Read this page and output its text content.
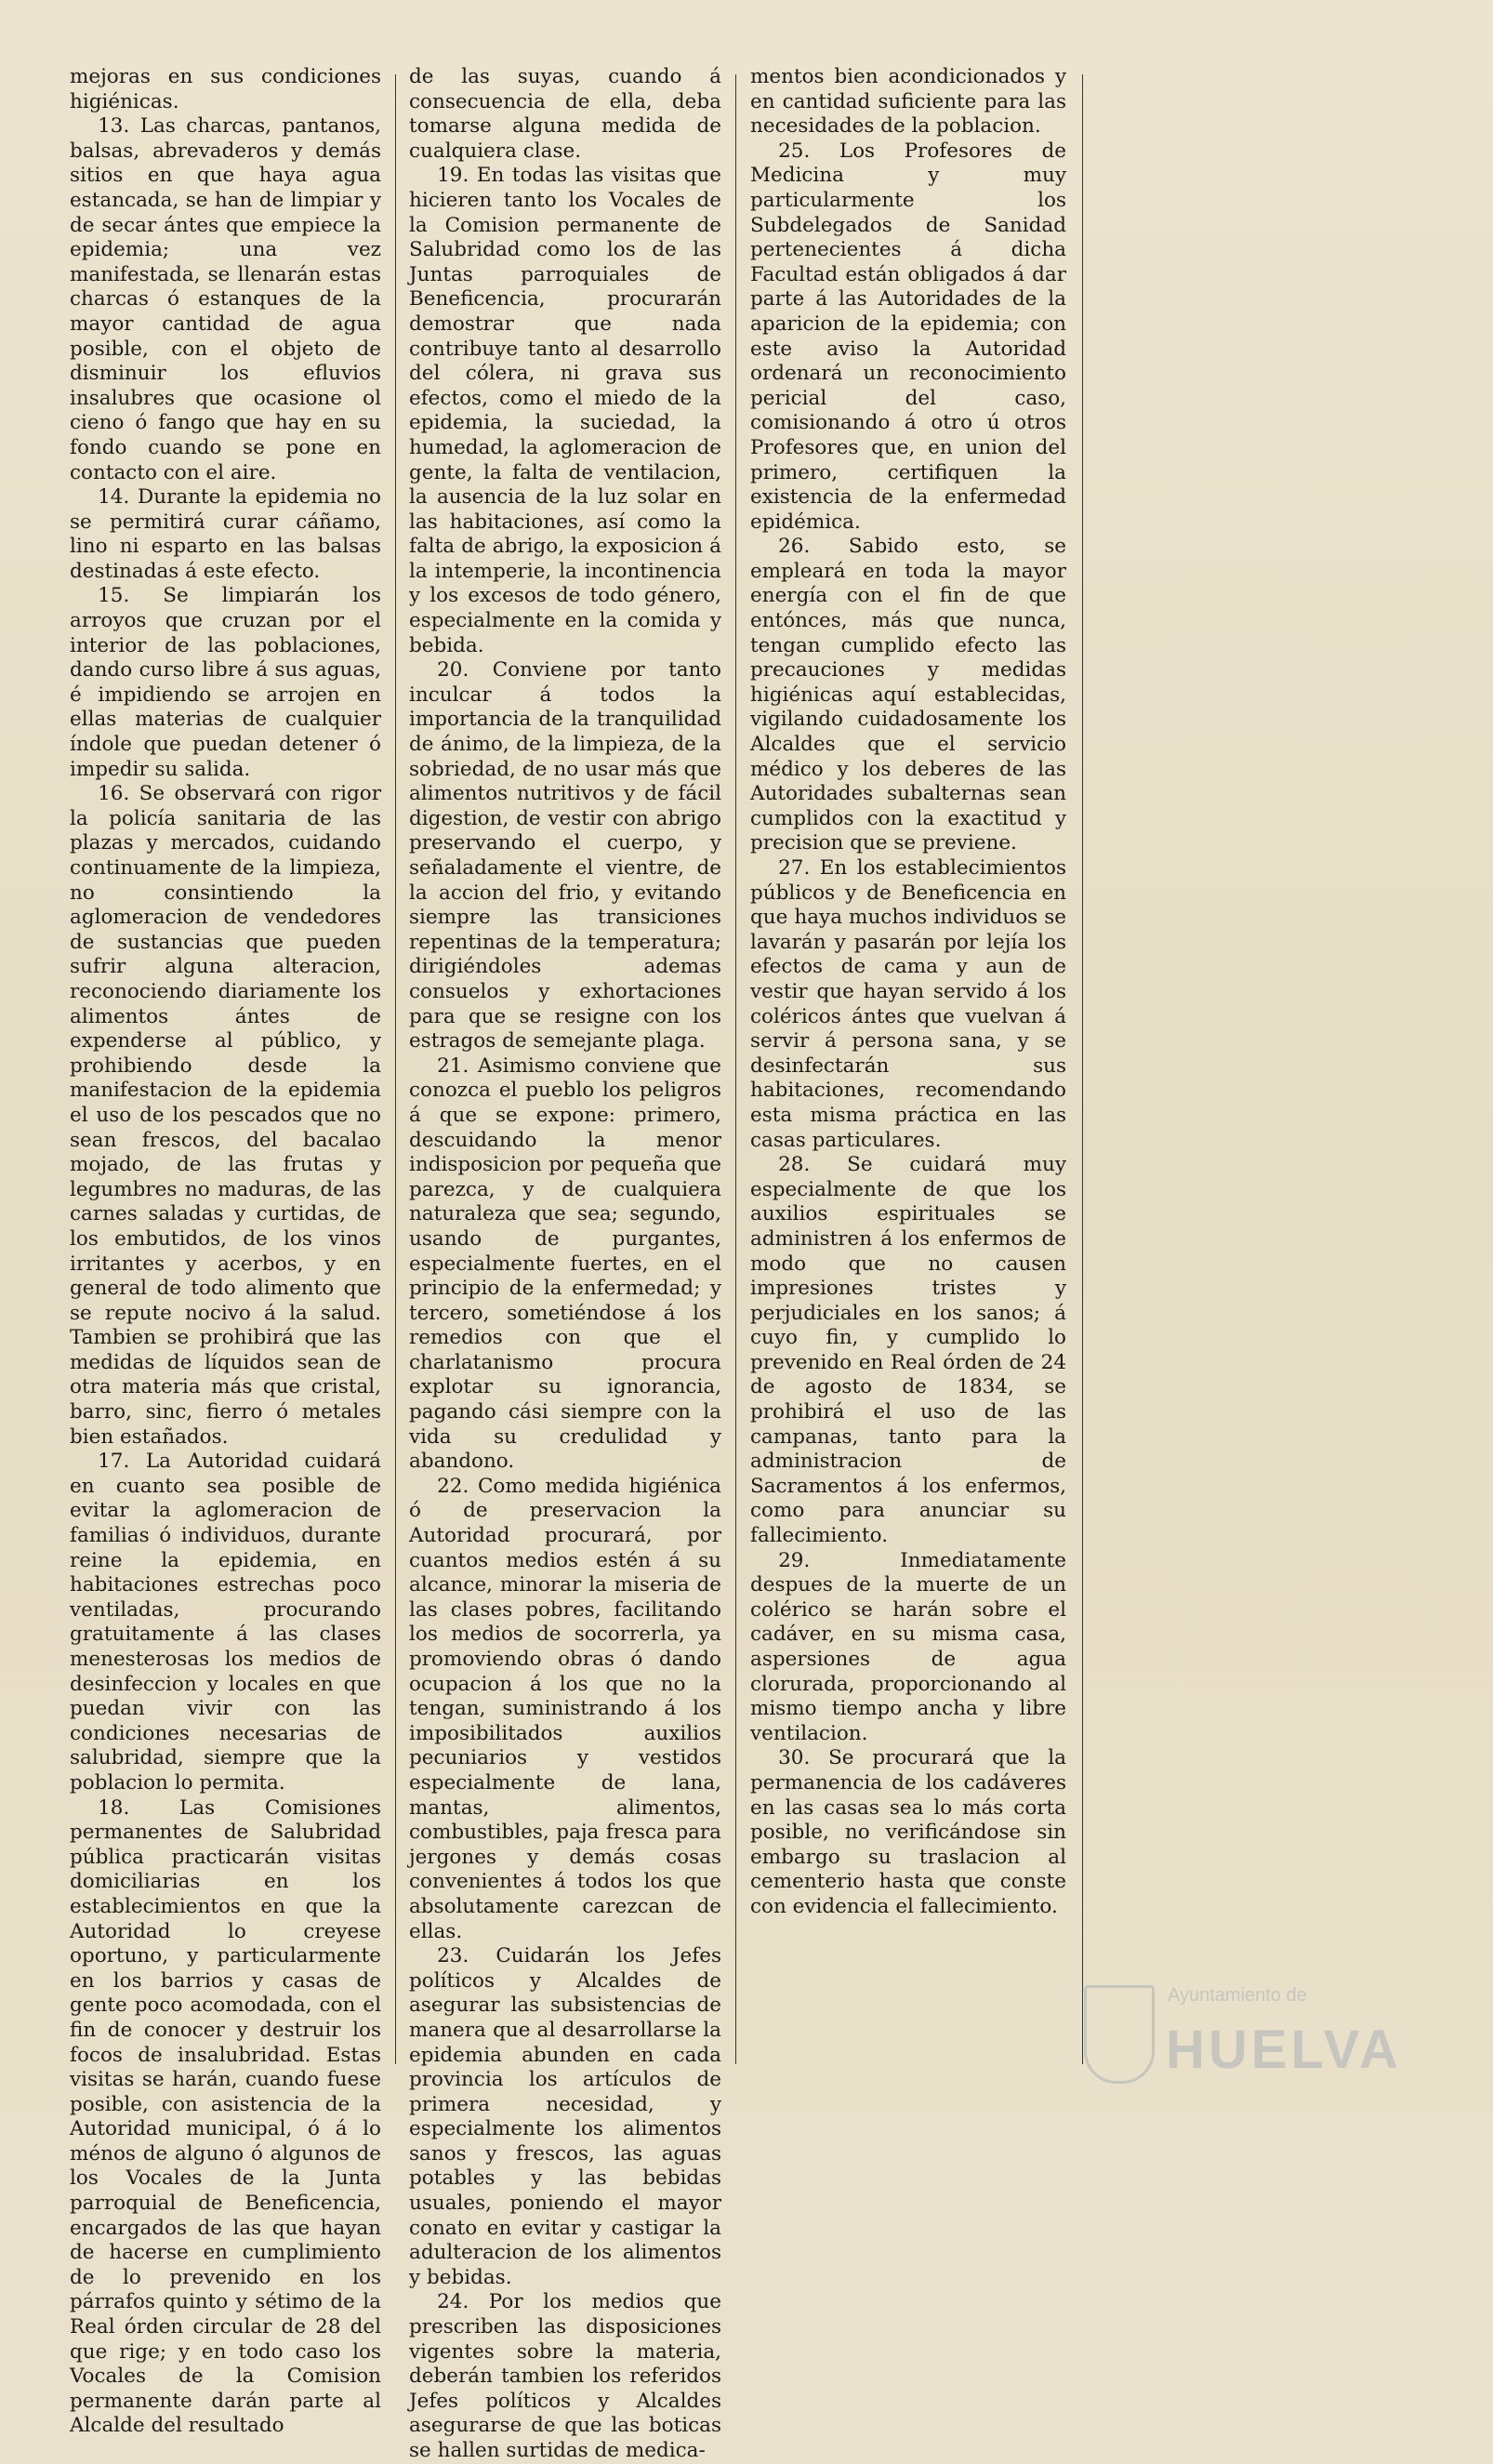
mejoras en sus condiciones higiénicas.

13. Las charcas, pantanos, balsas, abrevaderos y demás sitios en que haya agua estancada, se han de limpiar y de secar ántes que empiece la epidemia; una vez manifestada, se llenarán estas charcas ó estanques de la mayor cantidad de agua posible, con el objeto de disminuir los efluvios insalubres que ocasione ol cieno ó fango que hay en su fondo cuando se pone en contacto con el aire.

14. Durante la epidemia no se permitirá curar cáñamo, lino ni esparto en las balsas destinadas á este efecto.

15. Se limpiarán los arroyos que cruzan por el interior de las poblaciones, dando curso libre á sus aguas, é impidiendo se arrojen en ellas materias de cualquier índole que puedan detener ó impedir su salida.

16. Se observará con rigor la policía sanitaria de las plazas y mercados, cuidando continuamente de la limpieza, no consintiendo la aglomeracion de vendedores de sustancias que pueden sufrir alguna alteracion, reconociendo diariamente los alimentos ántes de expenderse al público, y prohibiendo desde la manifestacion de la epidemia el uso de los pescados que no sean frescos, del bacalao mojado, de las frutas y legumbres no maduras, de las carnes saladas y curtidas, de los embutidos, de los vinos irritantes y acerbos, y en general de todo alimento que se repute nocivo á la salud. Tambien se prohibirá que las medidas de líquidos sean de otra materia más que cristal, barro, sinc, fierro ó metales bien estañados.

17. La Autoridad cuidará en cuanto sea posible de evitar la aglomeracion de familias ó individuos, durante reine la epidemia, en habitaciones estrechas poco ventiladas, procurando gratuitamente á las clases menesterosas los medios de desinfeccion y locales en que puedan vivir con las condiciones necesarias de salubridad, siempre que la poblacion lo permita.

18. Las Comisiones permanentes de Salubridad pública practicarán visitas domiciliarias en los establecimientos en que la Autoridad lo creyese oportuno, y particularmente en los barrios y casas de gente poco acomodada, con el fin de conocer y destruir los focos de insalubridad. Estas visitas se harán, cuando fuese posible, con asistencia de la Autoridad municipal, ó á lo ménos de alguno ó algunos de los Vocales de la Junta parroquial de Beneficencia, encargados de las que hayan de hacerse en cumplimiento de lo prevenido en los párrafos quinto y sétimo de la Real órden circular de 28 del que rige; y en todo caso los Vocales de la Comision permanente darán parte al Alcalde del resultado

de las suyas, cuando á consecuencia de ella, deba tomarse alguna medida de cualquiera clase.

19. En todas las visitas que hicieren tanto los Vocales de la Comision permanente de Salubridad como los de las Juntas parroquiales de Beneficencia, procurarán demostrar que nada contribuye tanto al desarrollo del cólera, ni grava sus efectos, como el miedo de la epidemia, la suciedad, la humedad, la aglomeracion de gente, la falta de ventilacion, la ausencia de la luz solar en las habitaciones, así como la falta de abrigo, la exposicion á la intemperie, la incontinencia y los excesos de todo género, especialmente en la comida y bebida.

20. Conviene por tanto inculcar á todos la importancia de la tranquilidad de ánimo, de la limpieza, de la sobriedad, de no usar más que alimentos nutritivos y de fácil digestion, de vestir con abrigo preservando el cuerpo, y señaladamente el vientre, de la accion del frio, y evitando siempre las transiciones repentinas de la temperatura; dirigiéndoles ademas consuelos y exhortaciones para que se resigne con los estragos de semejante plaga.

21. Asimismo conviene que conozca el pueblo los peligros á que se expone: primero, descuidando la menor indisposicion por pequeña que parezca, y de cualquiera naturaleza que sea; segundo, usando de purgantes, especialmente fuertes, en el principio de la enfermedad; y tercero, sometiéndose á los remedios con que el charlatanismo procura explotar su ignorancia, pagando cási siempre con la vida su credulidad y abandono.

22. Como medida higiénica ó de preservacion la Autoridad procurará, por cuantos medios estén á su alcance, minorar la miseria de las clases pobres, facilitando los medios de socorrerla, ya promoviendo obras ó dando ocupacion á los que no la tengan, suministrando á los imposibilitados auxilios pecuniarios y vestidos especialmente de lana, mantas, alimentos, combustibles, paja fresca para jergones y demás cosas convenientes á todos los que absolutamente carezcan de ellas.

23. Cuidarán los Jefes políticos y Alcaldes de asegurar las subsistencias de manera que al desarrollarse la epidemia abunden en cada provincia los artículos de primera necesidad, y especialmente los alimentos sanos y frescos, las aguas potables y las bebidas usuales, poniendo el mayor conato en evitar y castigar la adulteracion de los alimentos y bebidas.

24. Por los medios que prescriben las disposiciones vigentes sobre la materia, deberán tambien los referidos Jefes políticos y Alcaldes asegurarse de que las boticas se hallen surtidas de medica-

mentos bien acondicionados y en cantidad suficiente para las necesidades de la poblacion.

25. Los Profesores de Medicina y muy particularmente los Subdelegados de Sanidad pertenecientes á dicha Facultad están obligados á dar parte á las Autoridades de la aparicion de la epidemia; con este aviso la Autoridad ordenará un reconocimiento pericial del caso, comisionando á otro ú otros Profesores que, en union del primero, certifiquen la existencia de la enfermedad epidémica.

26. Sabido esto, se empleará en toda la mayor energía con el fin de que entónces, más que nunca, tengan cumplido efecto las precauciones y medidas higiénicas aquí establecidas, vigilando cuidadosamente los Alcaldes que el servicio médico y los deberes de las Autoridades subalternas sean cumplidos con la exactitud y precision que se previene.

27. En los establecimientos públicos y de Beneficencia en que haya muchos individuos se lavarán y pasarán por lejía los efectos de cama y aun de vestir que hayan servido á los coléricos ántes que vuelvan á servir á persona sana, y se desinfectarán sus habitaciones, recomendando esta misma práctica en las casas particulares.

28. Se cuidará muy especialmente de que los auxilios espirituales se administren á los enfermos de modo que no causen impresiones tristes y perjudiciales en los sanos; á cuyo fin, y cumplido lo prevenido en Real órden de 24 de agosto de 1834, se prohibirá el uso de las campanas, tanto para la administracion de Sacramentos á los enfermos, como para anunciar su fallecimiento.

29. Inmediatamente despues de la muerte de un colérico se harán sobre el cadáver, en su misma casa, aspersiones de agua clorurada, proporcionando al mismo tiempo ancha y libre ventilacion.

30. Se procurará que la permanencia de los cadáveres en las casas sea lo más corta posible, no verificándose sin embargo su traslacion al cementerio hasta que conste con evidencia el fallecimiento.

Ayuntamiento de
HUELVA
